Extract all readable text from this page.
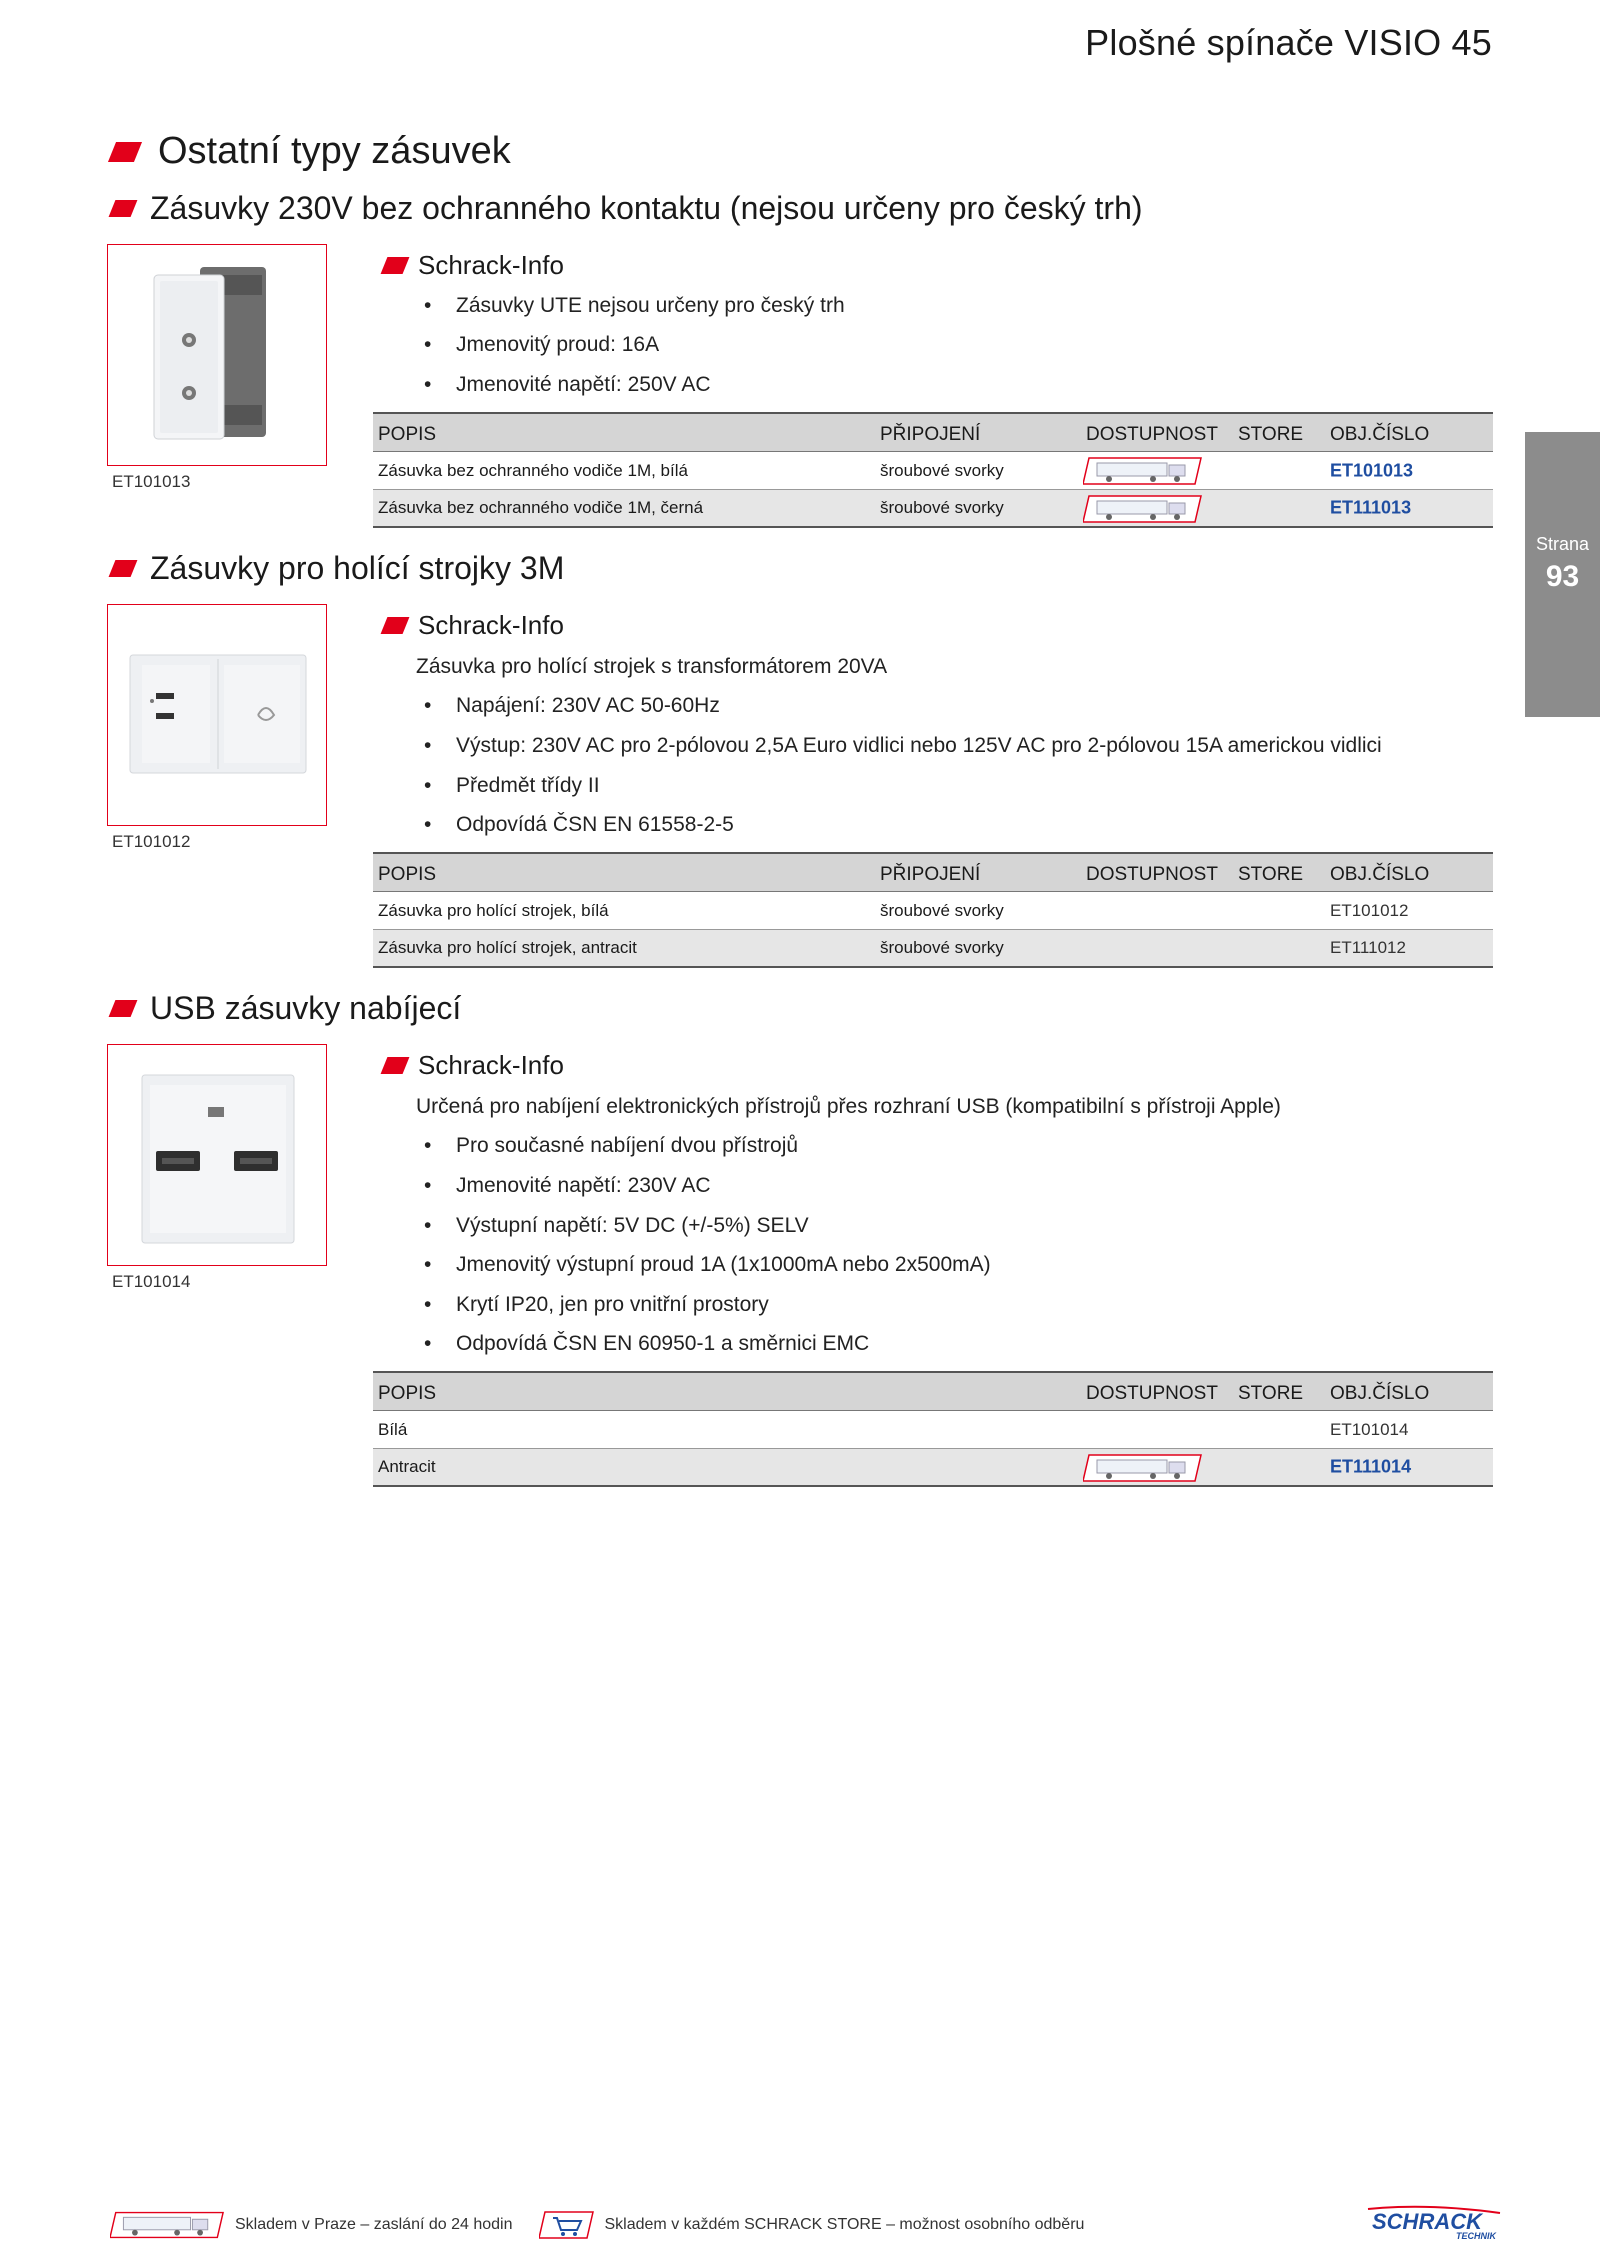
Plošné spínače VISIO 45
Ostatní typy zásuvek
Strana
93
Zásuvky 230V bez ochranného kontaktu (nejsou určeny pro český trh)
ET101013
Schrack-Info
•	Zásuvky UTE nejsou určeny pro český trh
•	Jmenovitý proud: 16A
•	Jmenovité napětí: 250V AC
POPIS	PŘIPOJENÍ	DOSTUPNOST STORE OBJ.ČÍSLO
Zásuvka bez ochranného vodiče 1M, bílá	šroubové svorky	ET101013
Zásuvka bez ochranného vodiče 1M, černá	šroubové svorky	ET111013
Zásuvky pro holící strojky 3M
ET101012
Schrack-Info
Zásuvka pro holící strojek s transformátorem 20VA
•	Napájení: 230V AC 50-60Hz
•	Výstup: 230V AC pro 2-pólovou 2,5A Euro vidlici nebo 125V AC pro 2-pólovou 15A americkou vidlici
•	Předmět třídy II
•	Odpovídá ČSN EN 61558-2-5
POPIS	PŘIPOJENÍ	DOSTUPNOST STORE OBJ.ČÍSLO
Zásuvka pro holící strojek, bílá	šroubové svorky	ET101012
Zásuvka pro holící strojek, antracit	šroubové svorky	ET111012
USB zásuvky nabíjecí
ET101014
Schrack-Info
Určená pro nabíjení elektronických přístrojů přes rozhraní USB (kompatibilní s přístroji Apple)
•	Pro současné nabíjení dvou přístrojů
•	Jmenovité napětí: 230V AC
•	Výstupní napětí: 5V DC (+/-5%) SELV
•	Jmenovitý výstupní proud 1A (1x1000mA nebo 2x500mA)
•	Krytí IP20, jen pro vnitřní prostory
•	Odpovídá ČSN EN 60950-1 a směrnici EMC
POPIS	DOSTUPNOST STORE OBJ.ČÍSLO
Bílá	ET101014
Antracit	ET111014
Skladem v Praze – zaslání do 24 hodin	Skladem v každém SCHRACK STORE – možnost osobního odběru	SCHRACK
TECHNIK
